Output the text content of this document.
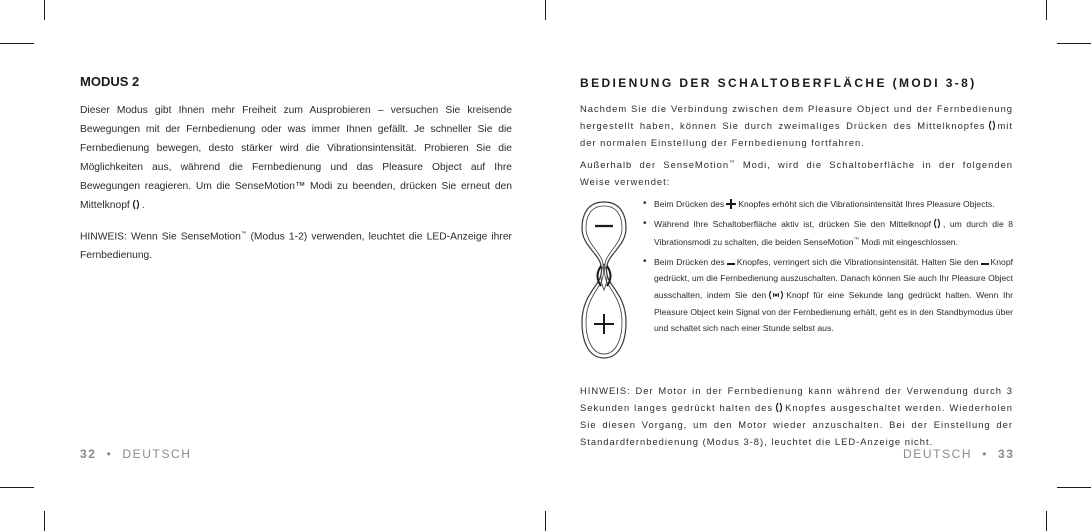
MODUS 2

Dieser Modus gibt Ihnen mehr Freiheit zum Ausprobieren – versuchen Sie kreisende Bewegungen mit der Fernbedienung oder was immer Ihnen gefällt. Je schneller Sie die Fernbedienung bewegen, desto stärker wird die Vibrationsintensität. Probieren Sie die Möglichkeiten aus, während die Fernbedienung und das Pleasure Object auf Ihre Bewegungen reagieren. Um die SenseMotion™ Modi zu beenden, drücken Sie erneut den Mittelknopf .

HINWEIS: Wenn Sie SenseMotion™ (Modus 1-2) verwenden, leuchtet die LED-Anzeige ihrer Fernbedienung.

BEDIENUNG DER SCHALTOBERFLÄCHE (MODI 3-8)

Nachdem Sie die Verbindung zwischen dem Pleasure Object und der Fernbedienung hergestellt haben, können Sie durch zweimaliges Drücken des Mittelknopfes mit der normalen Einstellung der Fernbedienung fortfahren.

Außerhalb der SenseMotion™ Modi, wird die Schaltoberfläche in der folgenden Weise verwendet:

• Beim Drücken des Knopfes erhöht sich die Vibrationsintensität Ihres Pleasure Objects.
• Während Ihre Schaltoberfläche aktiv ist, drücken Sie den Mittelknopf , um durch die 8 Vibrationsmodi zu schalten, die beiden SenseMotion™ Modi mit eingeschlossen.
• Beim Drücken des Knopfes, verringert sich die Vibrationsintensität. Halten Sie den Knopf gedrückt, um die Fernbedienung auszuschalten. Danach können Sie auch Ihr Pleasure Object ausschalten, indem Sie den Knopf für eine Sekunde lang gedrückt halten. Wenn Ihr Pleasure Object kein Signal von der Fernbedienung erhält, geht es in den Standbymodus über und schaltet sich nach einer Stunde selbst aus.

HINWEIS: Der Motor in der Fernbedienung kann während der Verwendung durch 3 Sekunden langes gedrückt halten des Knopfes ausgeschaltet werden. Wiederholen Sie diesen Vorgang, um den Motor wieder anzuschalten. Bei der Einstellung der Standardfernbedienung (Modus 3-8), leuchtet die LED-Anzeige nicht.

32 • DEUTSCH	DEUTSCH • 33
